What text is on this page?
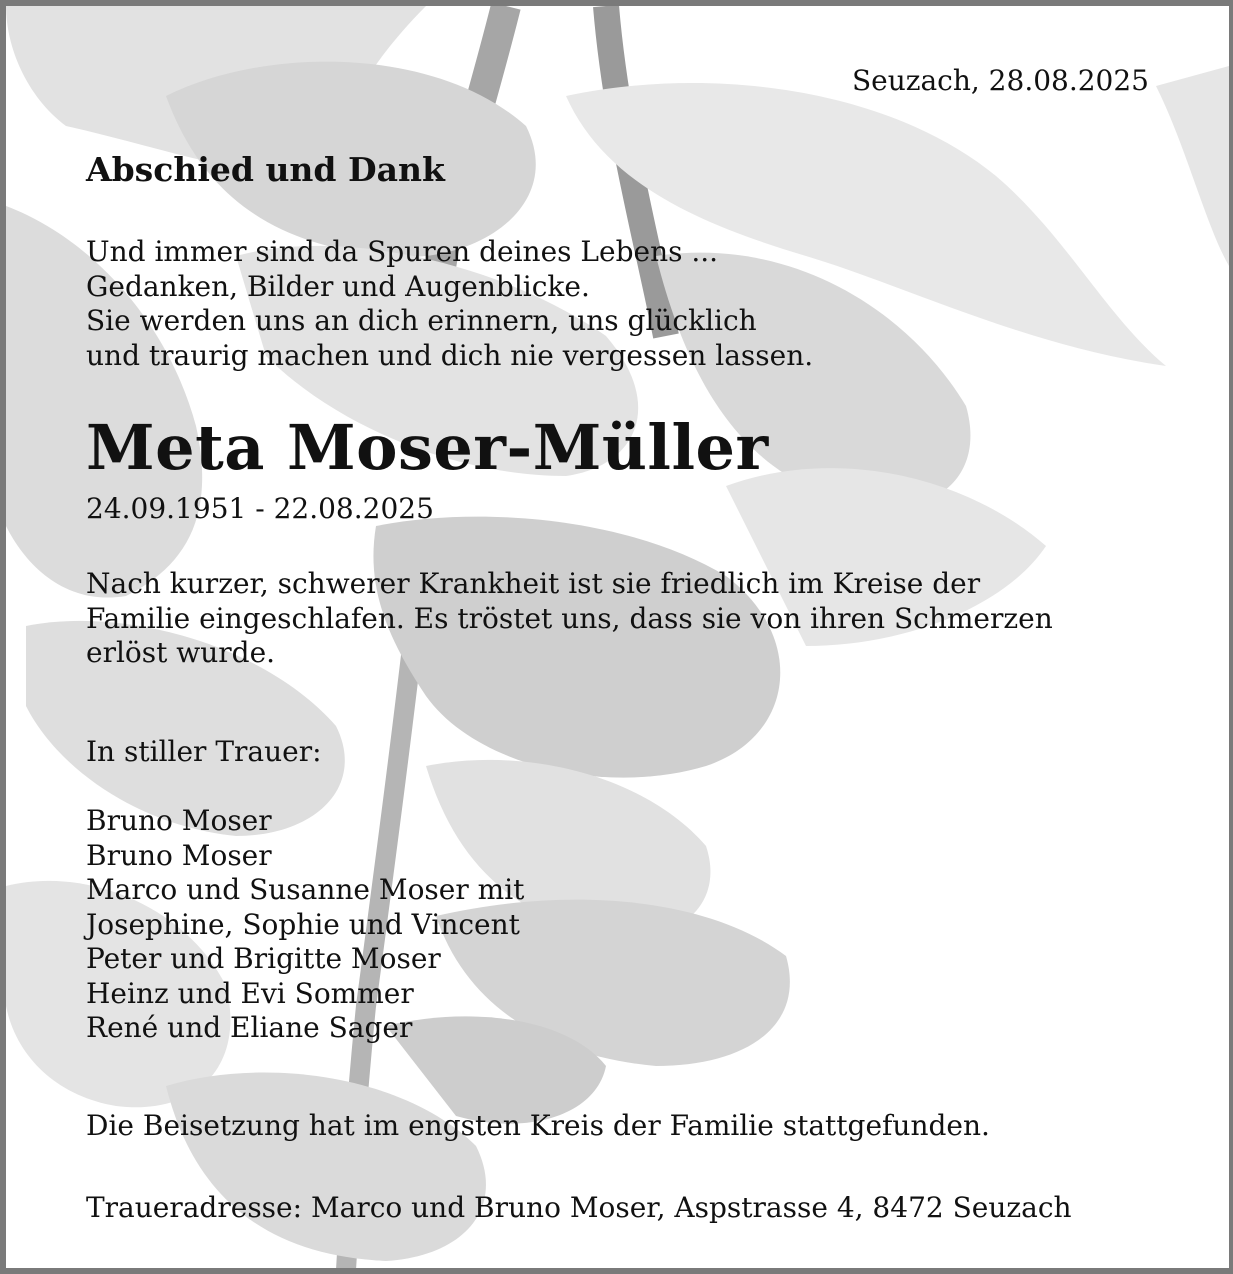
Seuzach, 28.08.2025
Abschied und Dank
Und immer sind da Spuren deines Lebens ...
Gedanken, Bilder und Augenblicke.
Sie werden uns an dich erinnern, uns glücklich
und traurig machen und dich nie vergessen lassen.
Meta Moser-Müller
24.09.1951 - 22.08.2025
Nach kurzer, schwerer Krankheit ist sie friedlich im Kreise der
Familie eingeschlafen. Es tröstet uns, dass sie von ihren Schmerzen
erlöst wurde.
In stiller Trauer:
Bruno Moser
Bruno Moser
Marco und Susanne Moser mit
Josephine, Sophie und Vincent
Peter und Brigitte Moser
Heinz und Evi Sommer
René und Eliane Sager
Die Beisetzung hat im engsten Kreis der Familie stattgefunden.
Traueradresse: Marco und Bruno Moser, Aspstrasse 4, 8472 Seuzach
